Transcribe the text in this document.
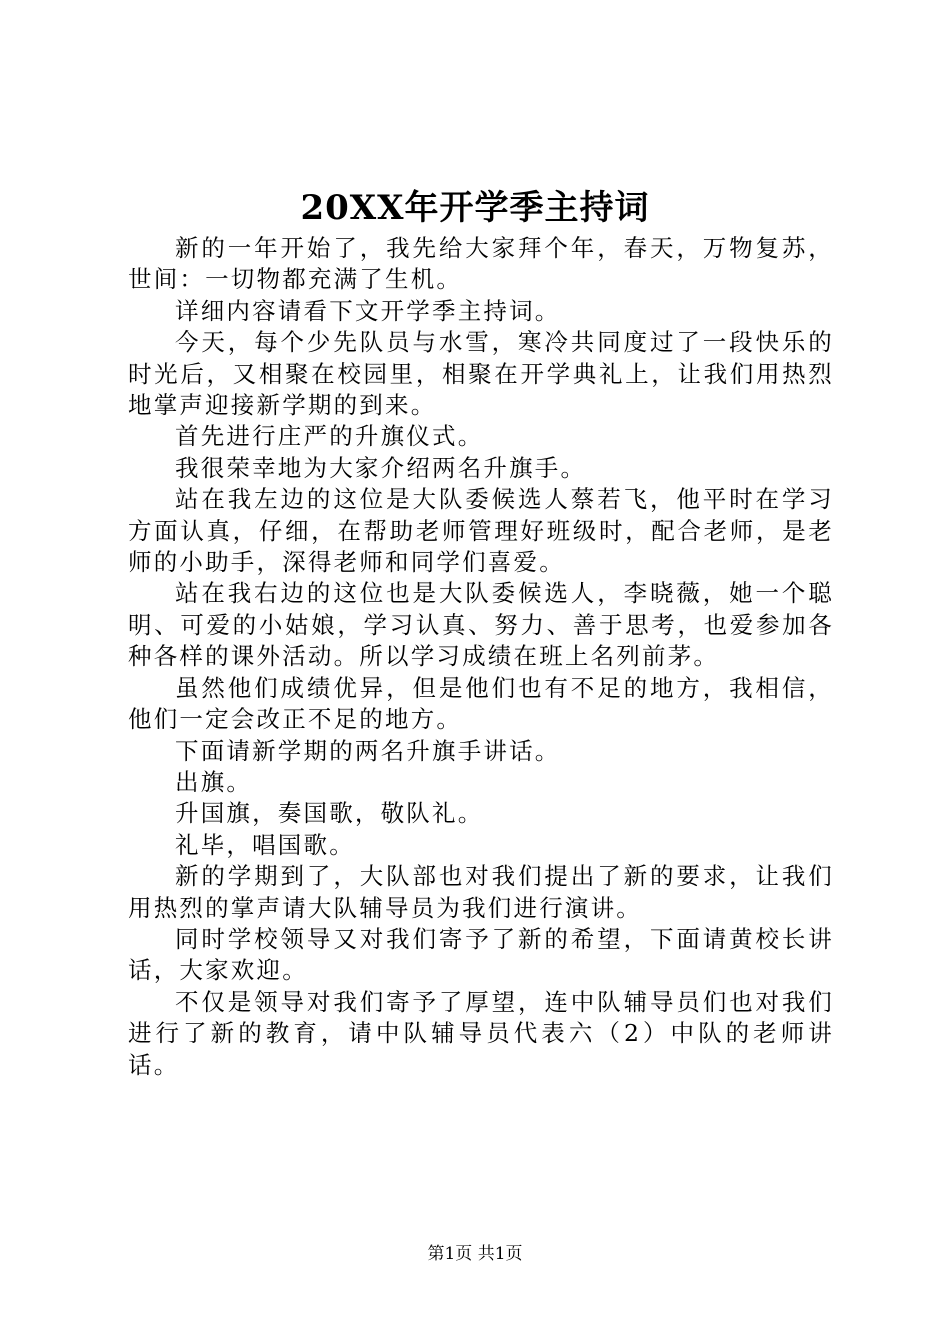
20XX年开学季主持词

新的一年开始了，我先给大家拜个年，春天，万物复苏，世间：一切物都充满了生机。

详细内容请看下文开学季主持词。

今天，每个少先队员与水雪，寒冷共同度过了一段快乐的时光后，又相聚在校园里，相聚在开学典礼上，让我们用热烈地掌声迎接新学期的到来。

首先进行庄严的升旗仪式。

我很荣幸地为大家介绍两名升旗手。

站在我左边的这位是大队委候选人蔡若飞，他平时在学习方面认真，仔细，在帮助老师管理好班级时，配合老师，是老师的小助手，深得老师和同学们喜爱。

站在我右边的这位也是大队委候选人，李晓薇，她一个聪明、可爱的小姑娘，学习认真、努力、善于思考，也爱参加各种各样的课外活动。所以学习成绩在班上名列前茅。

虽然他们成绩优异，但是他们也有不足的地方，我相信，他们一定会改正不足的地方。

下面请新学期的两名升旗手讲话。

出旗。

升国旗，奏国歌，敬队礼。

礼毕，唱国歌。

新的学期到了，大队部也对我们提出了新的要求，让我们用热烈的掌声请大队辅导员为我们进行演讲。

同时学校领导又对我们寄予了新的希望，下面请黄校长讲话，大家欢迎。

不仅是领导对我们寄予了厚望，连中队辅导员们也对我们进行了新的教育，请中队辅导员代表六（2）中队的老师讲话。

第1页 共1页
